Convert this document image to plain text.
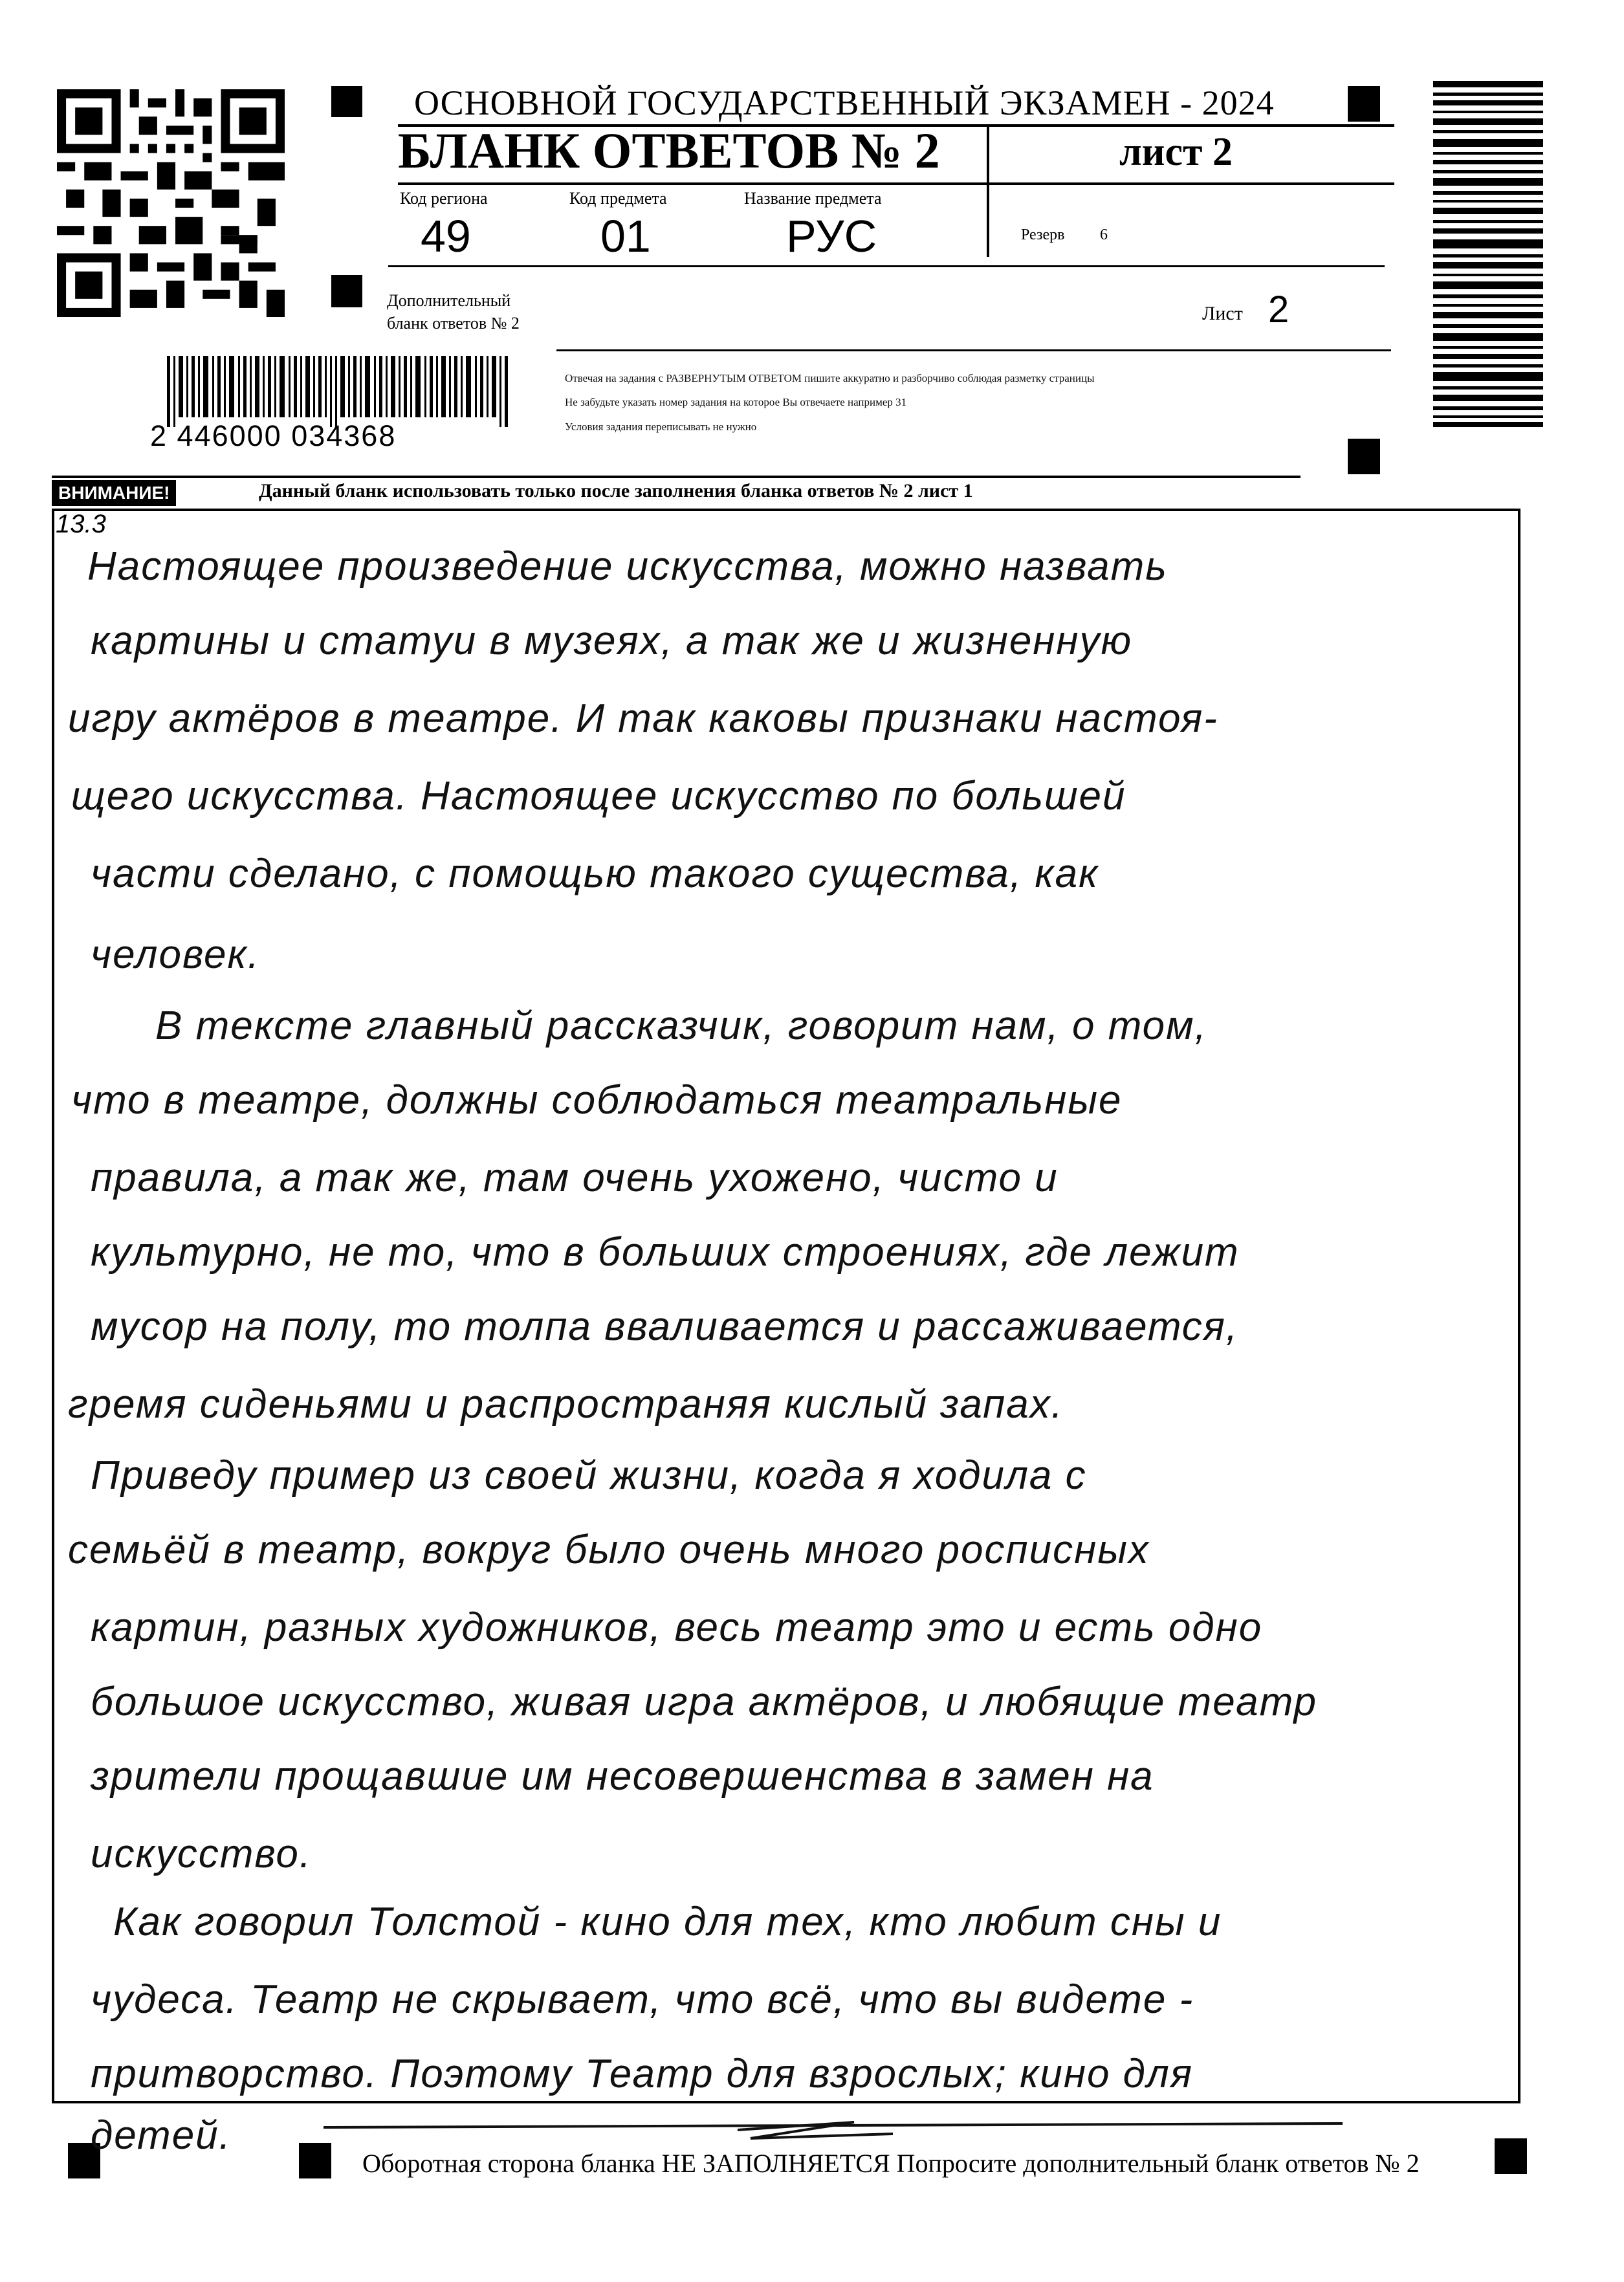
2 446000 034368
ОСНОВНОЙ ГОСУДАРСТВЕННЫЙ ЭКЗАМЕН - 2024
БЛАНК ОТВЕТОВ № 2	лист 2
Код региона	Код предмета	Название предмета
49	01	РУС	Резерв 6
Дополнительный
бланк ответов № 2	Лист 2
Отвечая на задания с РАЗВЕРНУТЫМ ОТВЕТОМ пишите аккуратно и разборчиво соблюдая разметку страницы
Не забудьте указать номер задания на которое Вы отвечаете например 31
Условия задания переписывать не нужно
ВНИМАНИЕ!	Данный бланк использовать только после заполнения бланка ответов № 2 лист 1
13.3
Настоящее произведение искусства, можно назвать
картины и статуи в музеях, а так же и жизненную
игру актёров в театре. И так каковы признаки настоя-
щего искусства. Настоящее искусство по большей
части сделано, с помощью такого существа, как
человек.
В тексте главный рассказчик, говорит нам, о том,
что в театре, должны соблюдаться театральные
правила, а так же, там очень ухожено, чисто и
культурно, не то, что в больших строениях, где лежит
мусор на полу, то толпа вваливается и рассаживается,
гремя сиденьями и распространяя кислый запах.
Приведу пример из своей жизни, когда я ходила с
семьёй в театр, вокруг было очень много росписных
картин, разных художников, весь театр это и есть одно
большое искусство, живая игра актёров, и любящие театр
зрители прощавшие им несовершенства в замен на
искусство.
Как говорил Толстой - кино для тех, кто любит сны и
чудеса. Театр не скрывает, что всё, что вы видете -
притворство. Поэтому Театр для взрослых; кино для
детей.
Оборотная сторона бланка НЕ ЗАПОЛНЯЕТСЯ Попросите дополнительный бланк ответов № 2
